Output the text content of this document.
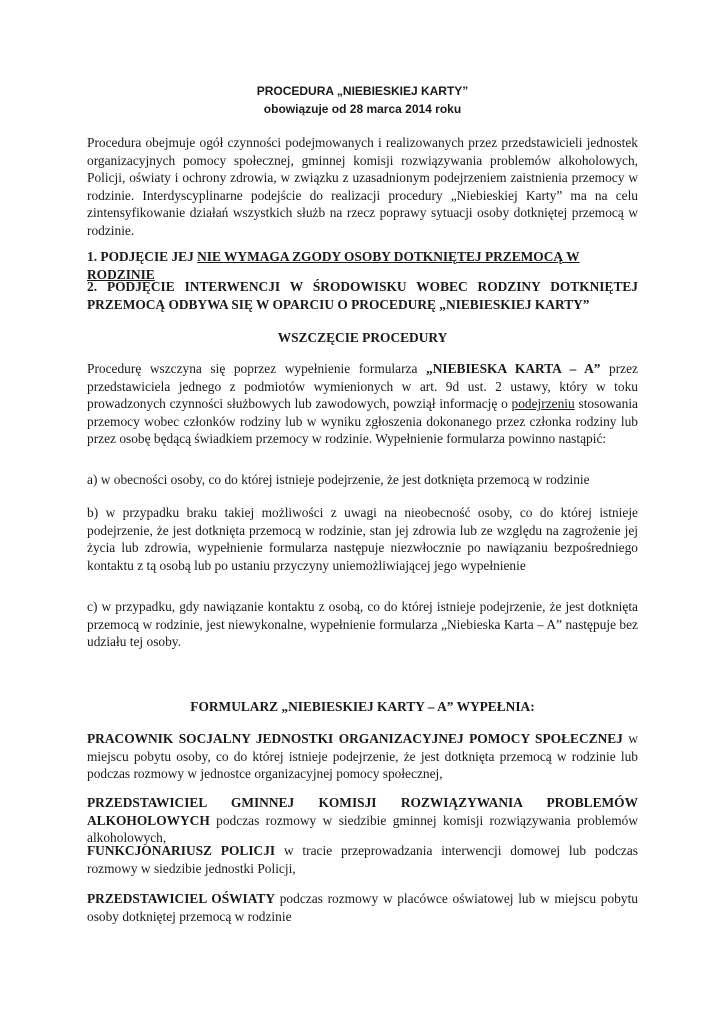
PROCEDURA „NIEBIESKIEJ KARTY”
obowiązuje od 28 marca 2014 roku

Procedura obejmuje ogół czynności podejmowanych i realizowanych przez przedstawicieli jednostek organizacyjnych pomocy społecznej, gminnej komisji rozwiązywania problemów alkoholowych, Policji, oświaty i ochrony zdrowia, w związku z uzasadnionym podejrzeniem zaistnienia przemocy w rodzinie. Interdyscyplinarne podejście do realizacji procedury „Niebieskiej Karty” ma na celu zintensyfikowanie działań wszystkich służb na rzecz poprawy sytuacji osoby dotkniętej przemocą w rodzinie.

1. PODJĘCIE JEJ NIE WYMAGA ZGODY OSOBY DOTKNIĘTEJ PRZEMOCĄ W RODZINIE

2. PODJĘCIE INTERWENCJI W ŚRODOWISKU WOBEC RODZINY DOTKNIĘTEJ PRZEMOCĄ ODBYWA SIĘ W OPARCIU O PROCEDURĘ „NIEBIESKIEJ KARTY”

WSZCZĘCIE PROCEDURY

Procedurę wszczyna się poprzez wypełnienie formularza „NIEBIESKA KARTA – A” przez przedstawiciela jednego z podmiotów wymienionych w art. 9d ust. 2 ustawy, który w toku prowadzonych czynności służbowych lub zawodowych, powziął informację o podejrzeniu stosowania przemocy wobec członków rodziny lub w wyniku zgłoszenia dokonanego przez członka rodziny lub przez osobę będącą świadkiem przemocy w rodzinie. Wypełnienie formularza powinno nastąpić:

a) w obecności osoby, co do której istnieje podejrzenie, że jest dotknięta przemocą w rodzinie

b) w przypadku braku takiej możliwości z uwagi na nieobecność osoby, co do której istnieje podejrzenie, że jest dotknięta przemocą w rodzinie, stan jej zdrowia lub ze względu na zagrożenie jej życia lub zdrowia, wypełnienie formularza następuje niezwłocznie po nawiązaniu bezpośredniego kontaktu z tą osobą lub po ustaniu przyczyny uniemożliwiającej jego wypełnienie

c) w przypadku, gdy nawiązanie kontaktu z osobą, co do której istnieje podejrzenie, że jest dotknięta przemocą w rodzinie, jest niewykonalne, wypełnienie formularza „Niebieska Karta – A” następuje bez udziału tej osoby.

FORMULARZ „NIEBIESKIEJ KARTY – A” WYPEŁNIA:

PRACOWNIK SOCJALNY JEDNOSTKI ORGANIZACYJNEJ POMOCY SPOŁECZNEJ w miejscu pobytu osoby, co do której istnieje podejrzenie, że jest dotknięta przemocą w rodzinie lub podczas rozmowy w jednostce organizacyjnej pomocy społecznej,

PRZEDSTAWICIEL GMINNEJ KOMISJI ROZWIĄZYWANIA PROBLEMÓW ALKOHOLOWYCH podczas rozmowy w siedzibie gminnej komisji rozwiązywania problemów alkoholowych,

FUNKCJONARIUSZ POLICJI w tracie przeprowadzania interwencji domowej lub podczas rozmowy w siedzibie jednostki Policji,

PRZEDSTAWICIEL OŚWIATY podczas rozmowy w placówce oświatowej lub w miejscu pobytu osoby dotkniętej przemocą w rodzinie
